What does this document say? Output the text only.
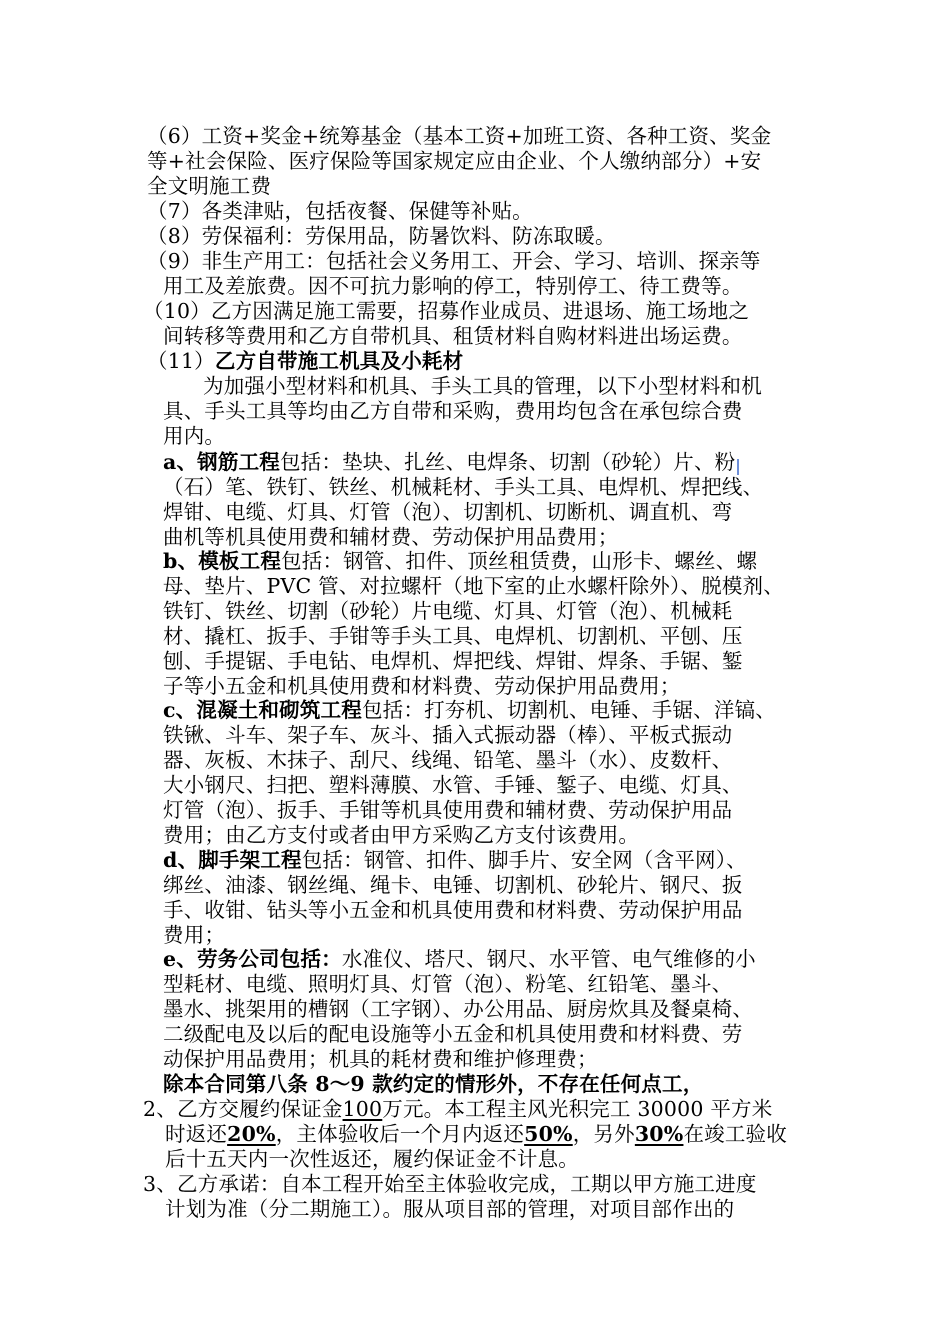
（6）工资+奖金+统筹基金（基本工资+加班工资、各种工资、奖金
等+社会保险、医疗保险等国家规定应由企业、个人缴纳部分）+安
全文明施工费
（7）各类津贴，包括夜餐、保健等补贴。
（8）劳保福利：劳保用品，防暑饮料、防冻取暖。
（9）非生产用工：包括社会义务用工、开会、学习、培训、探亲等
用工及差旅费。因不可抗力影响的停工，特别停工、待工费等。
（10）乙方因满足施工需要，招募作业成员、进退场、施工场地之
间转移等费用和乙方自带机具、租赁材料自购材料进出场运费。
（11）乙方自带施工机具及小耗材
为加强小型材料和机具、手头工具的管理，以下小型材料和机
具、手头工具等均由乙方自带和采购，费用均包含在承包综合费
用内。
a、钢筋工程包括：垫块、扎丝、电焊条、切割（砂轮）片、粉
（石）笔、铁钉、铁丝、机械耗材、手头工具、电焊机、焊把线、
焊钳、电缆、灯具、灯管（泡）、切割机、切断机、调直机、弯
曲机等机具使用费和辅材费、劳动保护用品费用；
b、模板工程包括：钢管、扣件、顶丝租赁费，山形卡、螺丝、螺
母、垫片、PVC 管、对拉螺杆（地下室的止水螺杆除外）、脱模剂、
铁钉、铁丝、切割（砂轮）片电缆、灯具、灯管（泡）、机械耗
材、撬杠、扳手、手钳等手头工具、电焊机、切割机、平刨、压
刨、手提锯、手电钻、电焊机、焊把线、焊钳、焊条、手锯、錾
子等小五金和机具使用费和材料费、劳动保护用品费用；
c、混凝土和砌筑工程包括：打夯机、切割机、电锤、手锯、洋镐、
铁锹、斗车、架子车、灰斗、插入式振动器（棒）、平板式振动
器、灰板、木抹子、刮尺、线绳、铅笔、墨斗（水）、皮数杆、
大小钢尺、扫把、塑料薄膜、水管、手锤、錾子、电缆、灯具、
灯管（泡）、扳手、手钳等机具使用费和辅材费、劳动保护用品
费用；由乙方支付或者由甲方采购乙方支付该费用。
d、脚手架工程包括：钢管、扣件、脚手片、安全网（含平网）、
绑丝、油漆、钢丝绳、绳卡、电锤、切割机、砂轮片、钢尺、扳
手、收钳、钻头等小五金和机具使用费和材料费、劳动保护用品
费用；
e、劳务公司包括：水准仪、塔尺、钢尺、水平管、电气维修的小
型耗材、电缆、照明灯具、灯管（泡）、粉笔、红铅笔、墨斗、
墨水、挑架用的槽钢（工字钢）、办公用品、厨房炊具及餐桌椅、
二级配电及以后的配电设施等小五金和机具使用费和材料费、劳
动保护用品费用；机具的耗材费和维护修理费；
除本合同第八条 8～9 款约定的情形外，不存在任何点工，
2、乙方交履约保证金100万元。本工程主风光积完工 30000 平方米
时返还20%，主体验收后一个月内返还50%，另外30%在竣工验收
后十五天内一次性返还，履约保证金不计息。
3、乙方承诺：自本工程开始至主体验收完成，工期以甲方施工进度
计划为准（分二期施工）。服从项目部的管理，对项目部作出的
